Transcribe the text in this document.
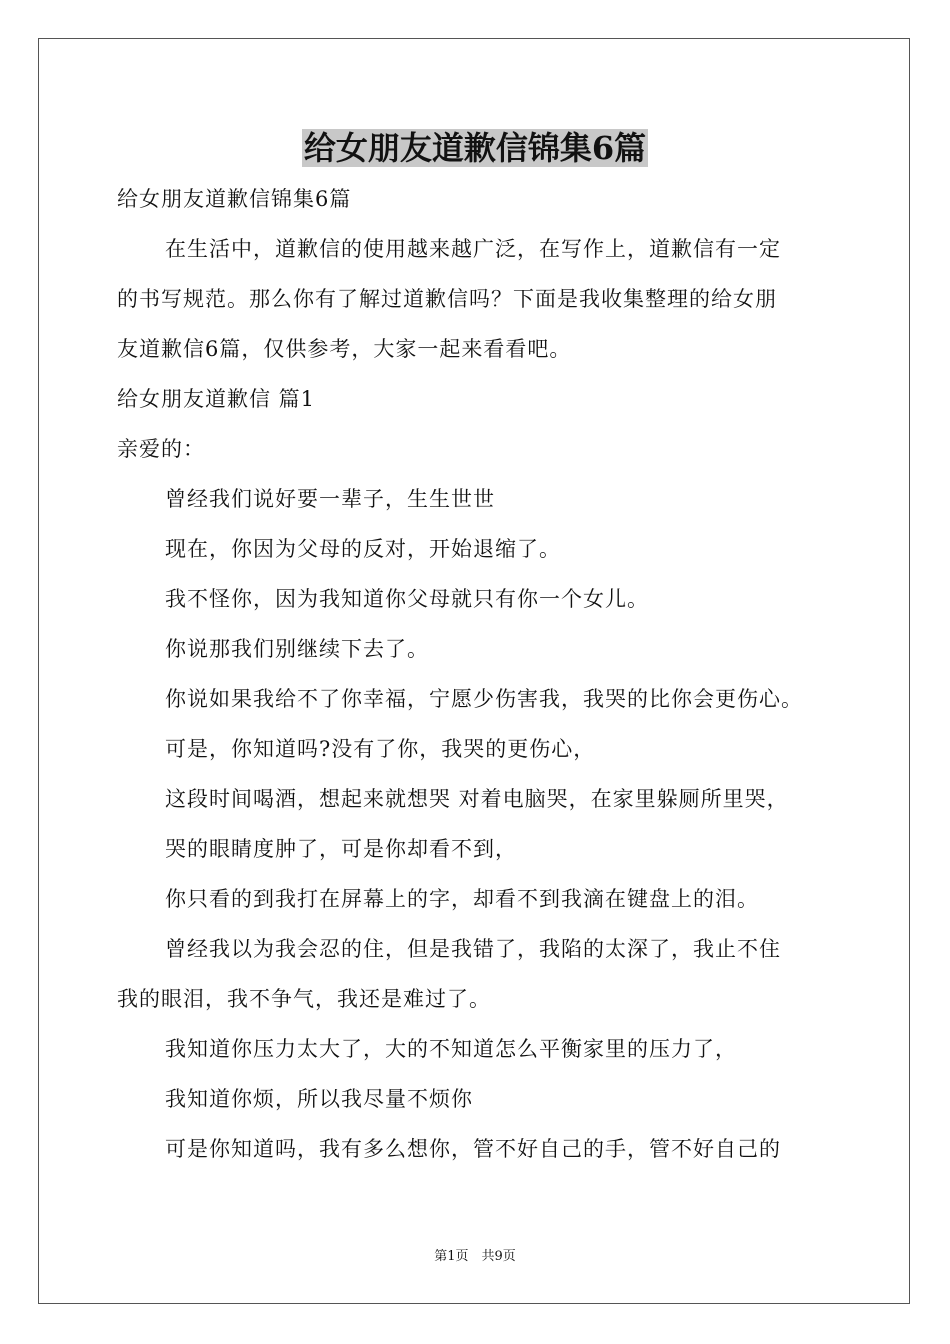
给女朋友道歉信锦集6篇
给女朋友道歉信锦集6篇
在生活中，道歉信的使用越来越广泛，在写作上，道歉信有一定
的书写规范。那么你有了解过道歉信吗？下面是我收集整理的给女朋
友道歉信6篇，仅供参考，大家一起来看看吧。
给女朋友道歉信 篇1
亲爱的：
曾经我们说好要一辈子，生生世世
现在，你因为父母的反对，开始退缩了。
我不怪你，因为我知道你父母就只有你一个女儿。
你说那我们别继续下去了。
你说如果我给不了你幸福，宁愿少伤害我，我哭的比你会更伤心。
可是，你知道吗?没有了你，我哭的更伤心，
这段时间喝酒，想起来就想哭 对着电脑哭，在家里躲厕所里哭，
哭的眼睛度肿了，可是你却看不到，
你只看的到我打在屏幕上的字，却看不到我滴在键盘上的泪。
曾经我以为我会忍的住，但是我错了，我陷的太深了，我止不住
我的眼泪，我不争气，我还是难过了。
我知道你压力太大了，大的不知道怎么平衡家里的压力了，
我知道你烦，所以我尽量不烦你
可是你知道吗，我有多么想你，管不好自己的手，管不好自己的
第1页　共9页
